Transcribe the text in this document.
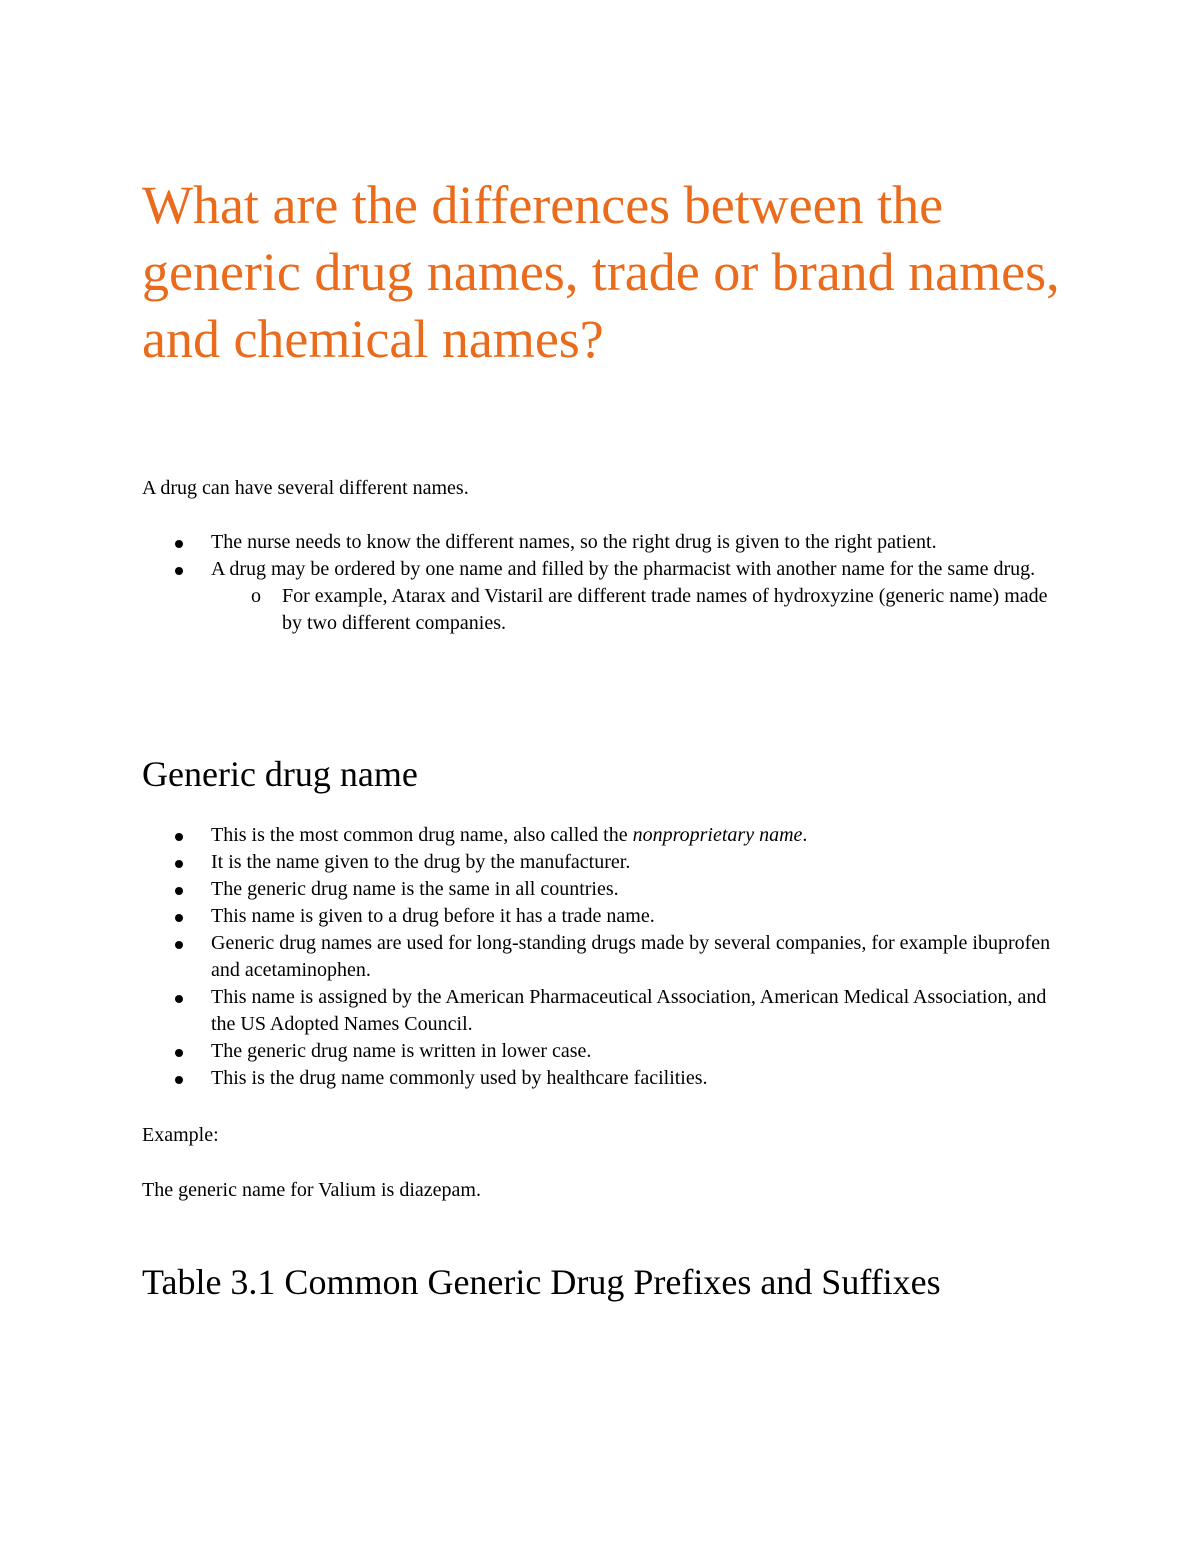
What are the differences between the generic drug names, trade or brand names, and chemical names?

A drug can have several different names.

The nurse needs to know the different names, so the right drug is given to the right patient.
A drug may be ordered by one name and filled by the pharmacist with another name for the same drug.
o For example, Atarax and Vistaril are different trade names of hydroxyzine (generic name) made by two different companies.
Generic drug name
This is the most common drug name, also called the nonproprietary name.
It is the name given to the drug by the manufacturer.
The generic drug name is the same in all countries.
This name is given to a drug before it has a trade name.
Generic drug names are used for long-standing drugs made by several companies, for example ibuprofen and acetaminophen.
This name is assigned by the American Pharmaceutical Association, American Medical Association, and the US Adopted Names Council.
The generic drug name is written in lower case.
This is the drug name commonly used by healthcare facilities.

Example:

The generic name for Valium is diazepam.

Table 3.1 Common Generic Drug Prefixes and Suffixes
